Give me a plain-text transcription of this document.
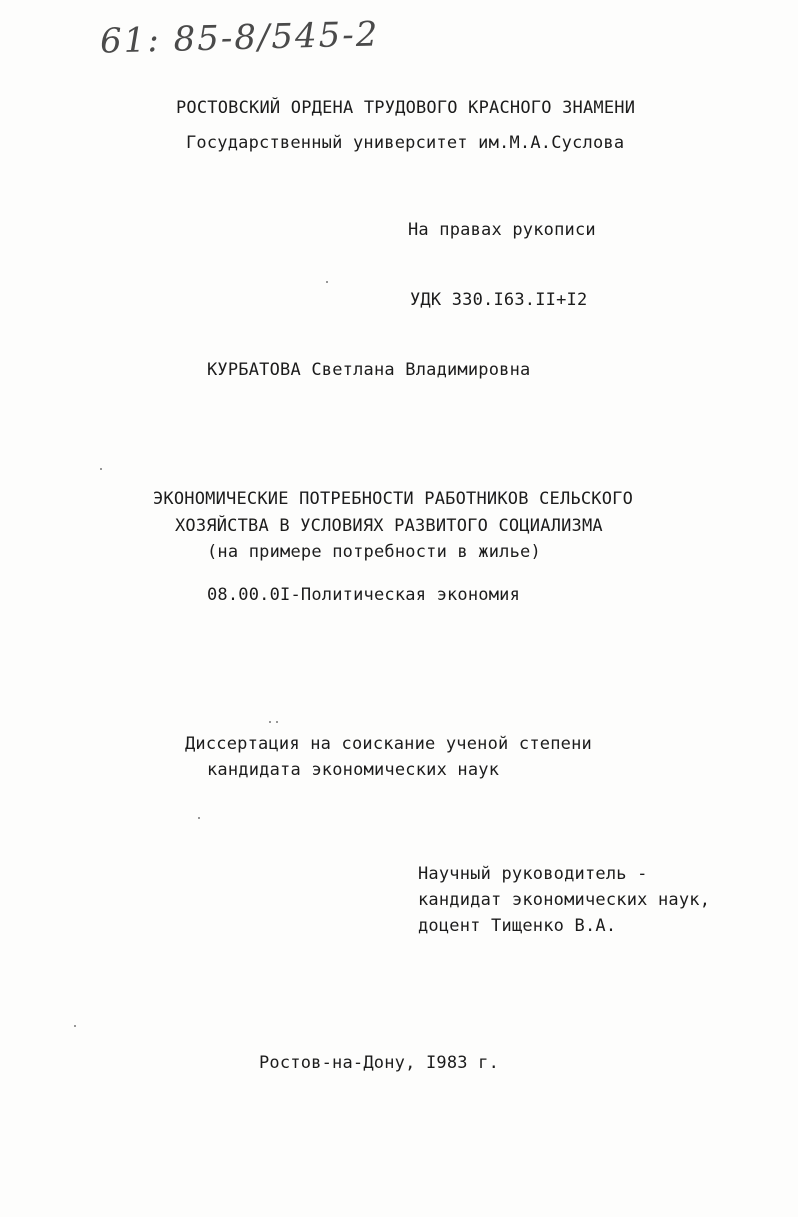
61: 85-8/545-2
РОСТОВСКИЙ ОРДЕНА ТРУДОВОГО КРАСНОГО ЗНАМЕНИ
Государственный университет им.М.А.Суслова
На правах рукописи
УДК 330.I63.II+I2
КУРБАТОВА Светлана Владимировна
ЭКОНОМИЧЕСКИЕ ПОТРЕБНОСТИ РАБОТНИКОВ СЕЛЬСКОГО
ХОЗЯЙСТВА В УСЛОВИЯХ РАЗВИТОГО СОЦИАЛИЗМА
(на примере потребности в жилье)
08.00.0I-Политическая экономия
Диссертация на соискание ученой степени
кандидата экономических наук
Научный руководитель -
кандидат экономических наук,
доцент Тищенко В.А.
Ростов-на-Дону, I983 г.
